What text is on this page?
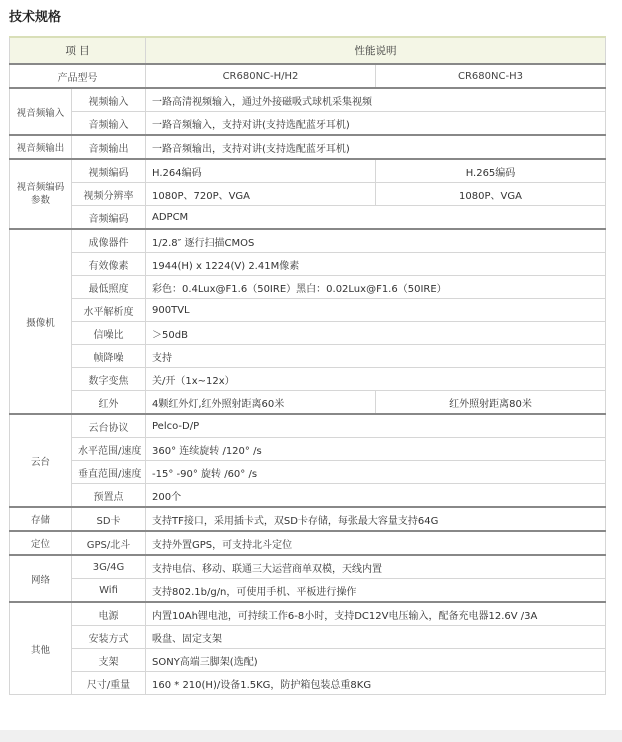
技术规格
项 目		性能说明	
产品型号		CR680NC-H/H2	CR680NC-H3
视音频输入	视频输入	一路高清视频输入，通过外接磁吸式球机采集视频	
	音频输入	一路音频输入，支持对讲(支持选配蓝牙耳机)	
视音频输出	音频输出	一路音频输出，支持对讲(支持选配蓝牙耳机)	
视音频编码参数	视频编码	H.264编码	H.265编码
	视频分辨率	1080P、720P、VGA	1080P、VGA
	音频编码	ADPCM	
摄像机	成像器件	1/2.8″ 逐行扫描CMOS	
	有效像素	1944(H) x 1224(V) 2.41M像素	
	最低照度	彩色：0.4Lux@F1.6（50IRE）黑白：0.02Lux@F1.6（50IRE）	
	水平解析度	900TVL	
	信噪比	＞50dB	
	帧降噪	支持	
	数字变焦	关/开（1x~12x）	
	红外	4颗红外灯,红外照射距离60米	红外照射距离80米
云台	云台协议	Pelco-D/P	
	水平范围/速度	360° 连续旋转 /120° /s	
	垂直范围/速度	-15° -90° 旋转 /60° /s	
	预置点	200个	
存储	SD卡	支持TF接口，采用插卡式，双SD卡存储，每张最大容量支持64G	
定位	GPS/北斗	支持外置GPS，可支持北斗定位	
网络	3G/4G	支持电信、移动、联通三大运营商单双模，天线内置	
	Wifi	支持802.1b/g/n，可使用手机、平板进行操作	
其他	电源	内置10Ah锂电池，可持续工作6-8小时，支持DC12V电压输入，配备充电器12.6V /3A	
	安装方式	吸盘、固定支架	
	支架	SONY高端三脚架(选配)	
	尺寸/重量	160 * 210(H)/设备1.5KG，防护箱包装总重8KG	
